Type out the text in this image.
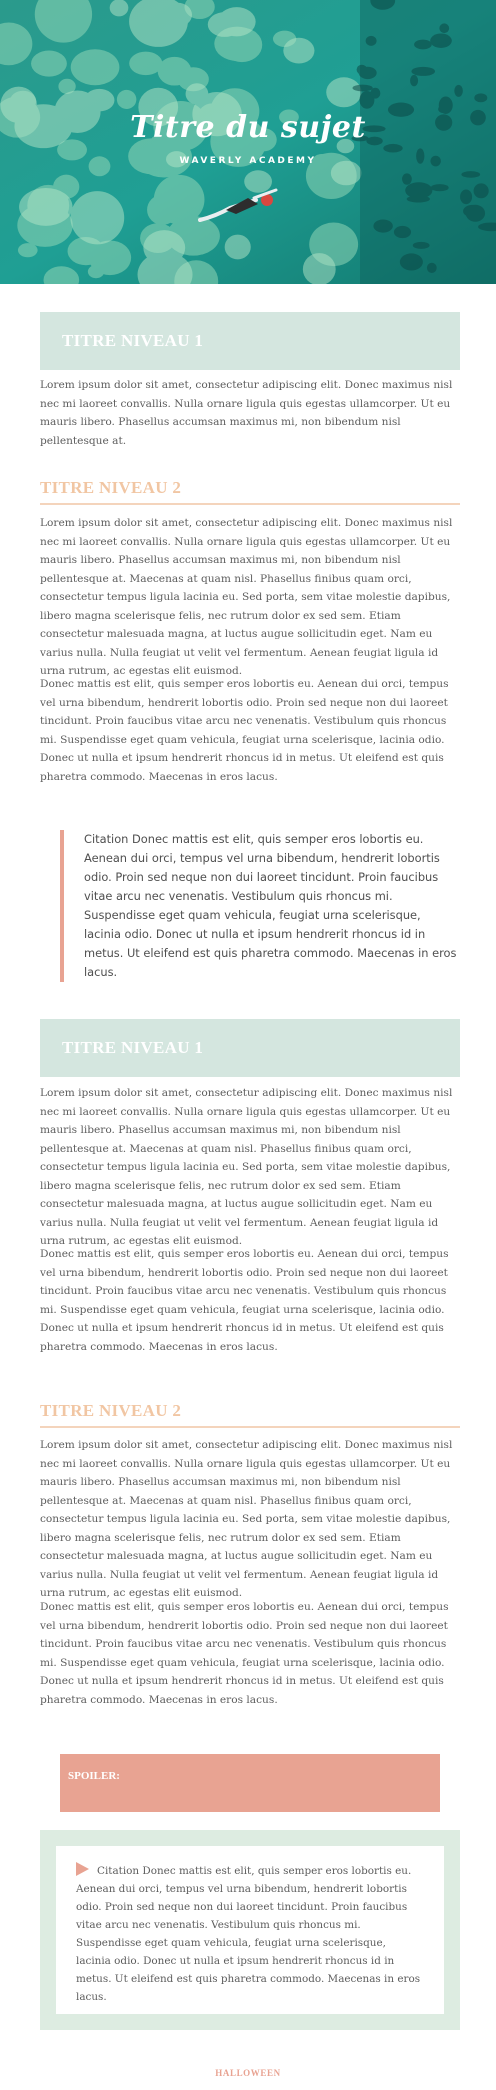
Titre du sujet
WAVERLY ACADEMY
TITRE NIVEAU 1

Lorem ipsum dolor sit amet, consectetur adipiscing elit. Donec maximus nisl nec mi laoreet convallis. Nulla ornare ligula quis egestas ullamcorper. Ut eu mauris libero. Phasellus accumsan maximus mi, non bibendum nisl pellentesque at.

TITRE NIVEAU 2

Lorem ipsum dolor sit amet, consectetur adipiscing elit. Donec maximus nisl nec mi laoreet convallis. Nulla ornare ligula quis egestas ullamcorper. Ut eu mauris libero. Phasellus accumsan maximus mi, non bibendum nisl pellentesque at. Maecenas at quam nisl. Phasellus finibus quam orci, consectetur tempus ligula lacinia eu. Sed porta, sem vitae molestie dapibus, libero magna scelerisque felis, nec rutrum dolor ex sed sem. Etiam consectetur malesuada magna, at luctus augue sollicitudin eget. Nam eu varius nulla. Nulla feugiat ut velit vel fermentum. Aenean feugiat ligula id urna rutrum, ac egestas elit euismod.

Donec mattis est elit, quis semper eros lobortis eu. Aenean dui orci, tempus vel urna bibendum, hendrerit lobortis odio. Proin sed neque non dui laoreet tincidunt. Proin faucibus vitae arcu nec venenatis. Vestibulum quis rhoncus mi. Suspendisse eget quam vehicula, feugiat urna scelerisque, lacinia odio. Donec ut nulla et ipsum hendrerit rhoncus id in metus. Ut eleifend est quis pharetra commodo. Maecenas in eros lacus.

Citation Donec mattis est elit, quis semper eros lobortis eu. Aenean dui orci, tempus vel urna bibendum, hendrerit lobortis odio. Proin sed neque non dui laoreet tincidunt. Proin faucibus vitae arcu nec venenatis. Vestibulum quis rhoncus mi. Suspendisse eget quam vehicula, feugiat urna scelerisque, lacinia odio. Donec ut nulla et ipsum hendrerit rhoncus id in metus. Ut eleifend est quis pharetra commodo. Maecenas in eros lacus.

TITRE NIVEAU 1

Lorem ipsum dolor sit amet, consectetur adipiscing elit. Donec maximus nisl nec mi laoreet convallis. Nulla ornare ligula quis egestas ullamcorper. Ut eu mauris libero. Phasellus accumsan maximus mi, non bibendum nisl pellentesque at. Maecenas at quam nisl. Phasellus finibus quam orci, consectetur tempus ligula lacinia eu. Sed porta, sem vitae molestie dapibus, libero magna scelerisque felis, nec rutrum dolor ex sed sem. Etiam consectetur malesuada magna, at luctus augue sollicitudin eget. Nam eu varius nulla. Nulla feugiat ut velit vel fermentum. Aenean feugiat ligula id urna rutrum, ac egestas elit euismod.

Donec mattis est elit, quis semper eros lobortis eu. Aenean dui orci, tempus vel urna bibendum, hendrerit lobortis odio. Proin sed neque non dui laoreet tincidunt. Proin faucibus vitae arcu nec venenatis. Vestibulum quis rhoncus mi. Suspendisse eget quam vehicula, feugiat urna scelerisque, lacinia odio. Donec ut nulla et ipsum hendrerit rhoncus id in metus. Ut eleifend est quis pharetra commodo. Maecenas in eros lacus.

TITRE NIVEAU 2

Lorem ipsum dolor sit amet, consectetur adipiscing elit. Donec maximus nisl nec mi laoreet convallis. Nulla ornare ligula quis egestas ullamcorper. Ut eu mauris libero. Phasellus accumsan maximus mi, non bibendum nisl pellentesque at. Maecenas at quam nisl. Phasellus finibus quam orci, consectetur tempus ligula lacinia eu. Sed porta, sem vitae molestie dapibus, libero magna scelerisque felis, nec rutrum dolor ex sed sem. Etiam consectetur malesuada magna, at luctus augue sollicitudin eget. Nam eu varius nulla. Nulla feugiat ut velit vel fermentum. Aenean feugiat ligula id urna rutrum, ac egestas elit euismod.

Donec mattis est elit, quis semper eros lobortis eu. Aenean dui orci, tempus vel urna bibendum, hendrerit lobortis odio. Proin sed neque non dui laoreet tincidunt. Proin faucibus vitae arcu nec venenatis. Vestibulum quis rhoncus mi. Suspendisse eget quam vehicula, feugiat urna scelerisque, lacinia odio. Donec ut nulla et ipsum hendrerit rhoncus id in metus. Ut eleifend est quis pharetra commodo. Maecenas in eros lacus.

SPOILER:

Citation Donec mattis est elit, quis semper eros lobortis eu. Aenean dui orci, tempus vel urna bibendum, hendrerit lobortis odio. Proin sed neque non dui laoreet tincidunt. Proin faucibus vitae arcu nec venenatis. Vestibulum quis rhoncus mi. Suspendisse eget quam vehicula, feugiat urna scelerisque, lacinia odio. Donec ut nulla et ipsum hendrerit rhoncus id in metus. Ut eleifend est quis pharetra commodo. Maecenas in eros lacus.

HALLOWEEN
